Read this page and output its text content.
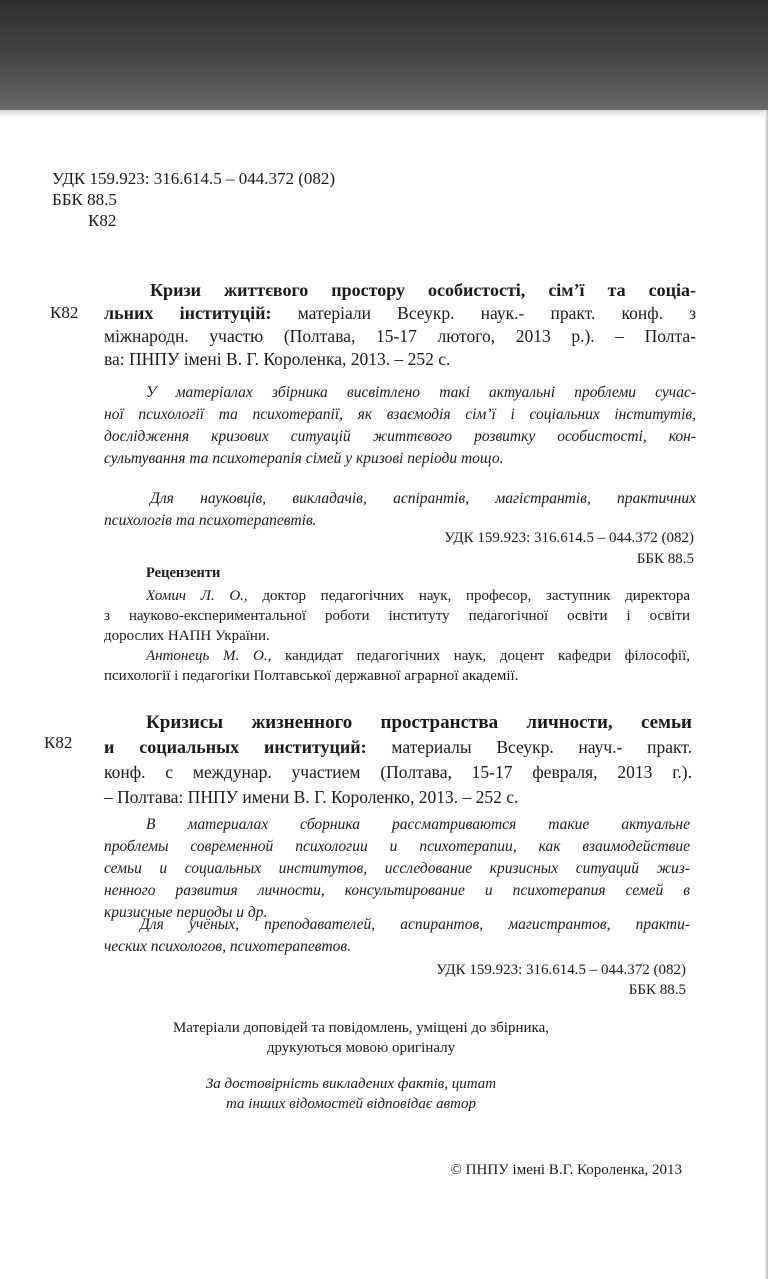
УДК 159.923: 316.614.5 – 044.372 (082)
ББК 88.5
К82
К82
Кризи життєвого простору особистості, сім’ї та соціа-
льних інституцій: матеріали Всеукр. наук.- практ. конф. з
міжнародн. участю (Полтава, 15-17 лютого, 2013 р.). – Полта-
ва: ПНПУ імені В. Г. Короленка, 2013. – 252 с.
У матеріалах збірника висвітлено такі актуальні проблеми сучас-
ної психології та психотерапії, як взаємодія сім’ї і соціальних інститутів,
дослідження кризових ситуацій життєвого розвитку особистості, кон-
сультування та психотерапія сімей у кризові періоди тощо.
Для науковців, викладачів, аспірантів, магістрантів, практичних
психологів та психотерапевтів.
УДК 159.923: 316.614.5 – 044.372 (082)
ББК 88.5
Рецензенти
Хомич Л. О., доктор педагогічних наук, професор, заступник директора
з науково-експериментальної роботи інституту педагогічної освіти і освіти
дорослих НАПН України.
Антонець М. О., кандидат педагогічних наук, доцент кафедри філософії,
психології і педагогіки Полтавської державної аграрної академії.
К82
Кризисы жизненного пространства личности, семьи
и социальных институций: материалы Всеукр. науч.- практ.
конф. с междунар. участием (Полтава, 15-17 февраля, 2013 г.).
– Полтава: ПНПУ имени В. Г. Короленко, 2013. – 252 с.
В материалах сборника рассматриваются такие актуальне
проблемы современной психологии и психотерапии, как взаимодействие
семьи и социальных институтов, исследование кризисных ситуаций жиз-
ненного развития личности, консультирование и психотерапия семей в
кризисные периоды и др.
Для учёных, преподавателей, аспирантов, магистрантов, практи-
ческих психологов, психотерапевтов.
УДК 159.923: 316.614.5 – 044.372 (082)
ББК 88.5
Матеріали доповідей та повідомлень, уміщені до збірника,
друкуються мовою оригіналу
За достовірність викладених фактів, цитат
та інших відомостей відповідає автор
© ПНПУ імені В.Г. Короленка, 2013
